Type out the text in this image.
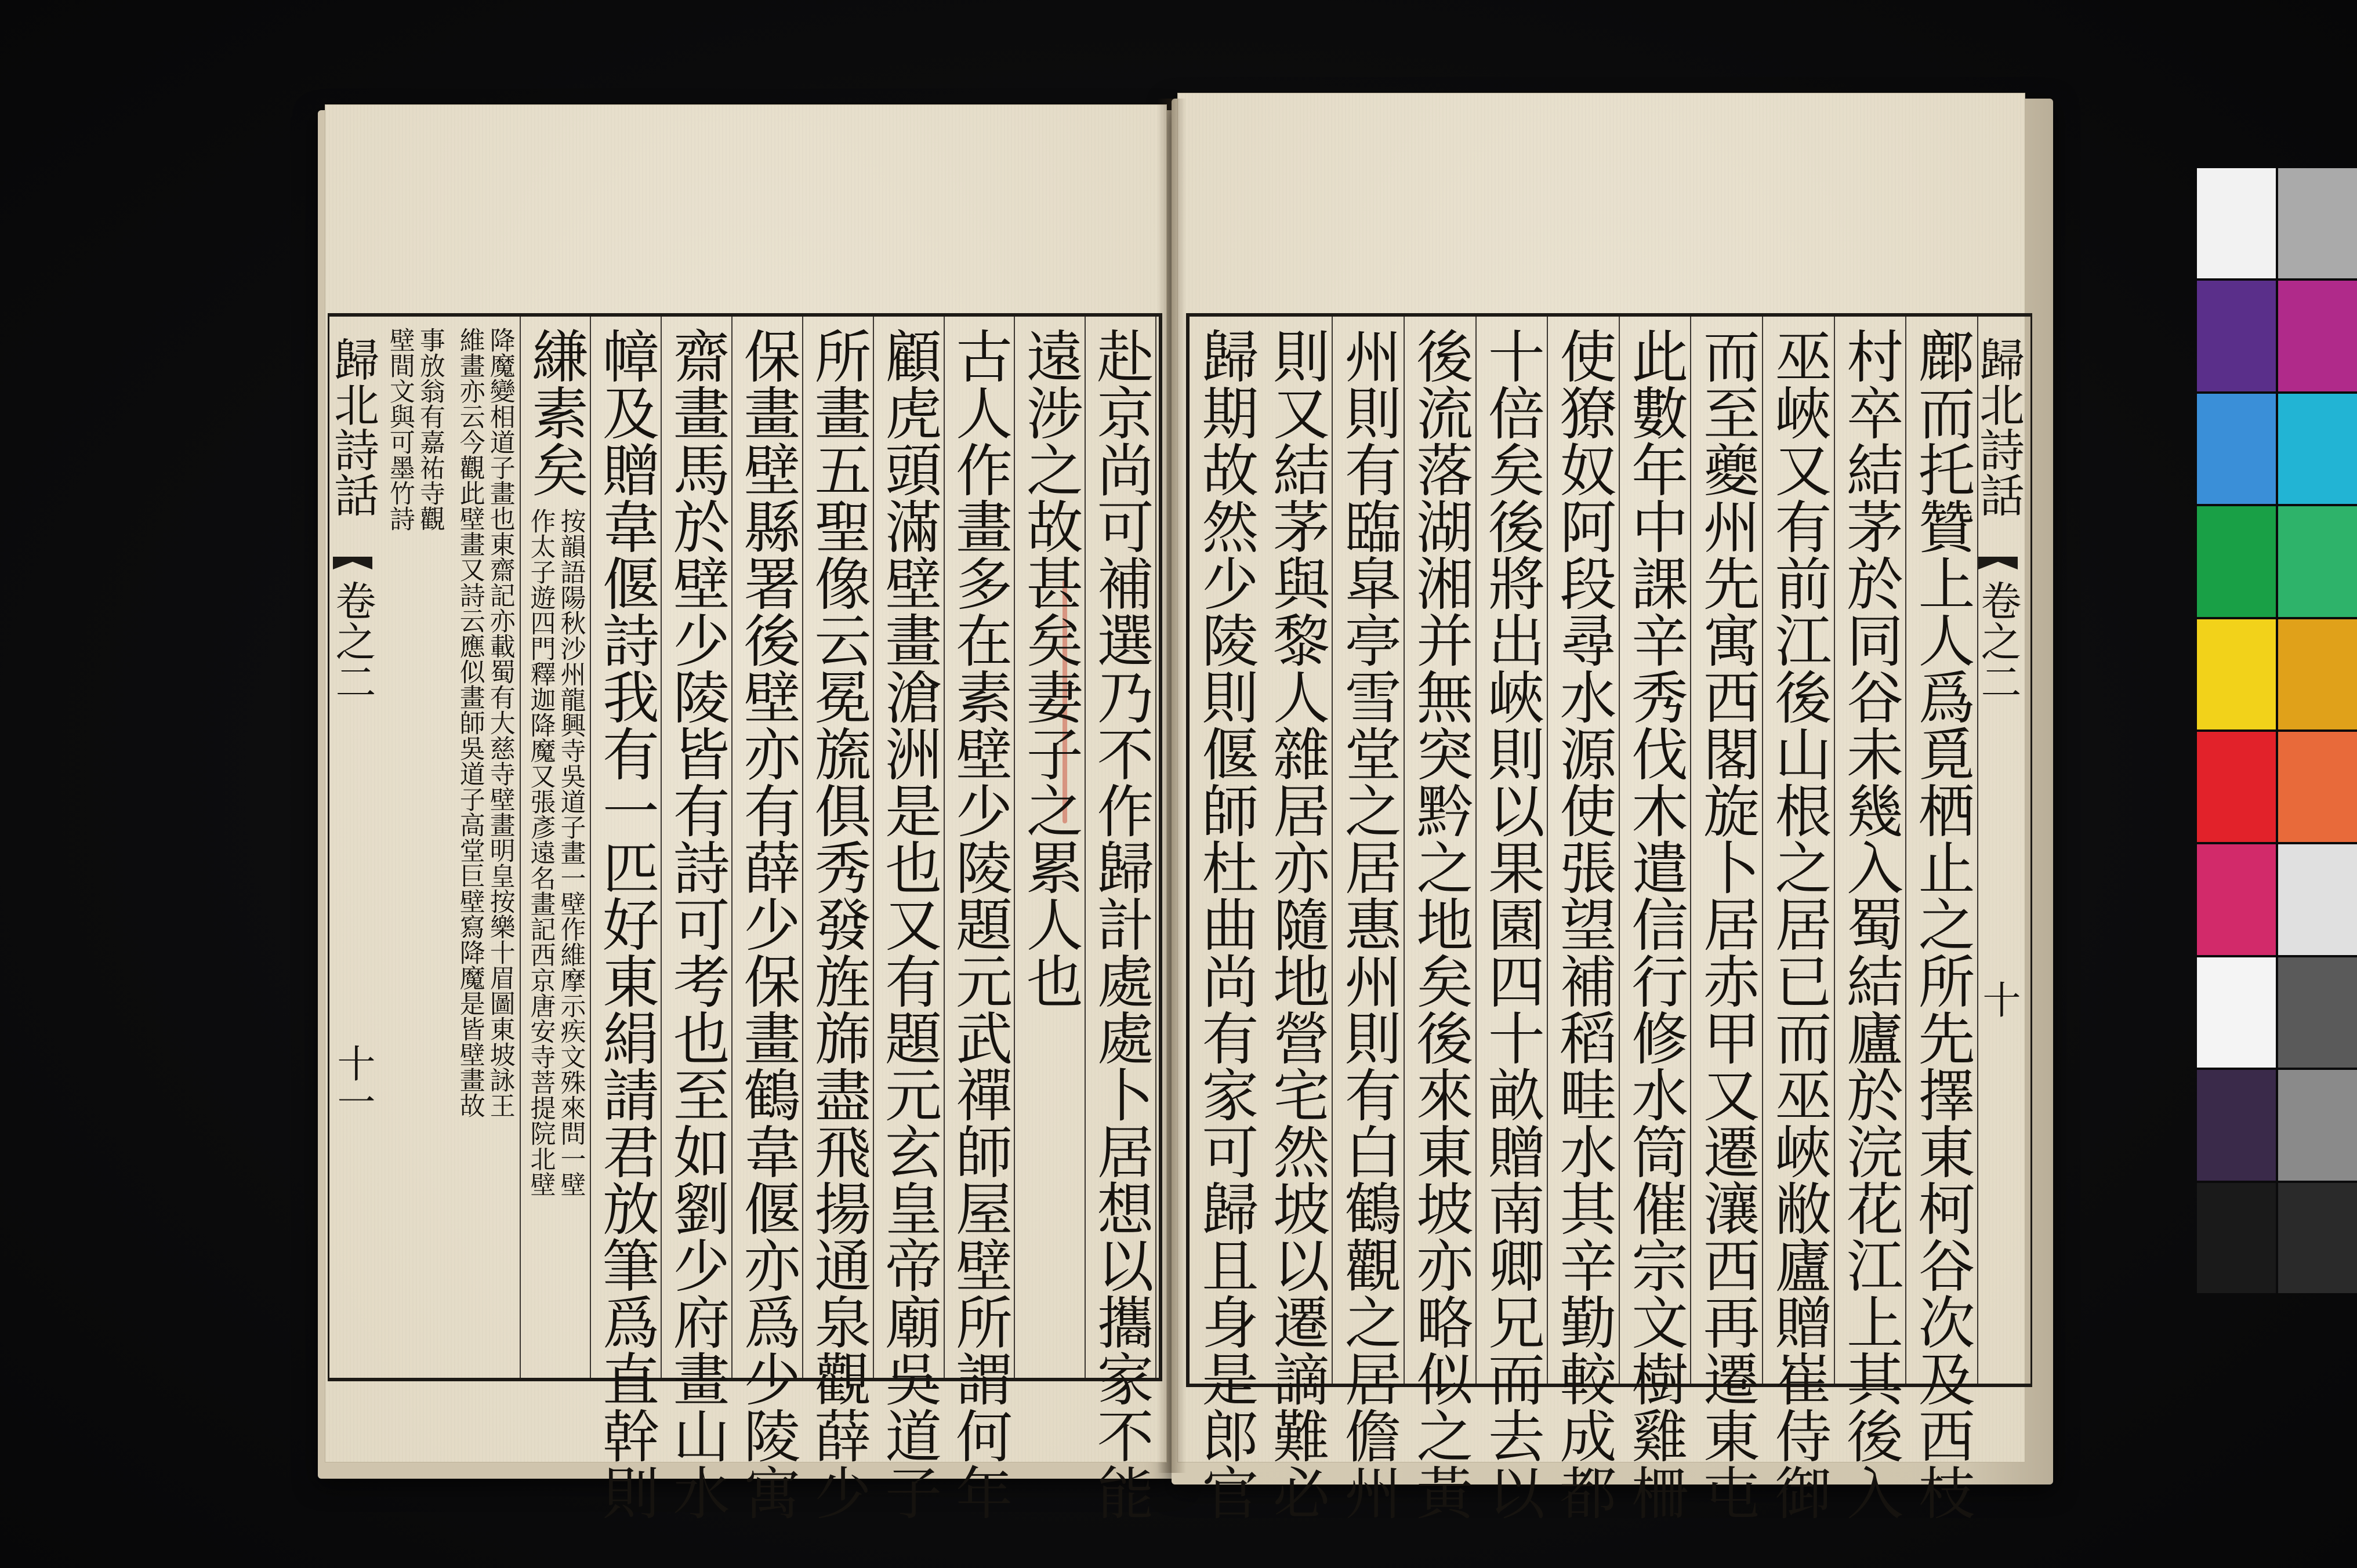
鄜而托贊上人爲覓栖止之所先擇東柯谷次及西枝
村卒結茅於同谷未幾入蜀結廬於浣花江上其後入
巫峽又有前江後山根之居已而巫峽敝廬贈崔侍御
而至夔州先寓西閣旋卜居赤甲又遷瀼西再遷東屯
此數年中課辛秀伐木遣信行修水筒催宗文樹雞柵
使獠奴阿段尋水源使張望補稻畦水其辛勤較成都
十倍矣後將出峽則以果園四十畝贈南卿兄而去以
後流落湖湘并無突黔之地矣後來東坡亦略似之黃
州則有臨皐亭雪堂之居惠州則有白鶴觀之居儋州
則又結茅與黎人雜居亦隨地營宅然坡以遷謫難必
歸期故然少陵則偃師杜曲尚有家可歸且身是郎官	歸北詩話
卷之二
十
赴京尚可補選乃不作歸計處處卜居想以攜家不能
遠涉之故甚矣妻子之累人也
古人作畫多在素壁少陵題元武禪師屋壁所謂何年
顧虎頭滿壁畫滄洲是也又有題元玄皇帝廟吳道子
所畫五聖像云冕旒俱秀發旌旆盡飛揚通泉觀薛少
保畫壁縣署後壁亦有薛少保畫鶴韋偃亦爲少陵寓
齋畫馬於壁少陵皆有詩可考也至如劉少府畫山水
幛及贈韋偃詩我有一匹好東絹請君放筆爲直幹則
縑素矣
按韻語陽秋沙州龍興寺吳道子畫一壁作維摩示疾文殊來問一壁
作太子遊四門釋迦降魔又張彥遠名畫記西京唐安寺菩提院北壁
降魔變相道子畫也東齋記亦載蜀有大慈寺壁畫明皇按樂十眉圖東坡詠王
維畫亦云今觀此壁畫又詩云應似畫師吳道子高堂巨壁寫降魔是皆壁畫故
事放翁有嘉祐寺觀
壁間文與可墨竹詩
歸北詩話
卷之二
十一
